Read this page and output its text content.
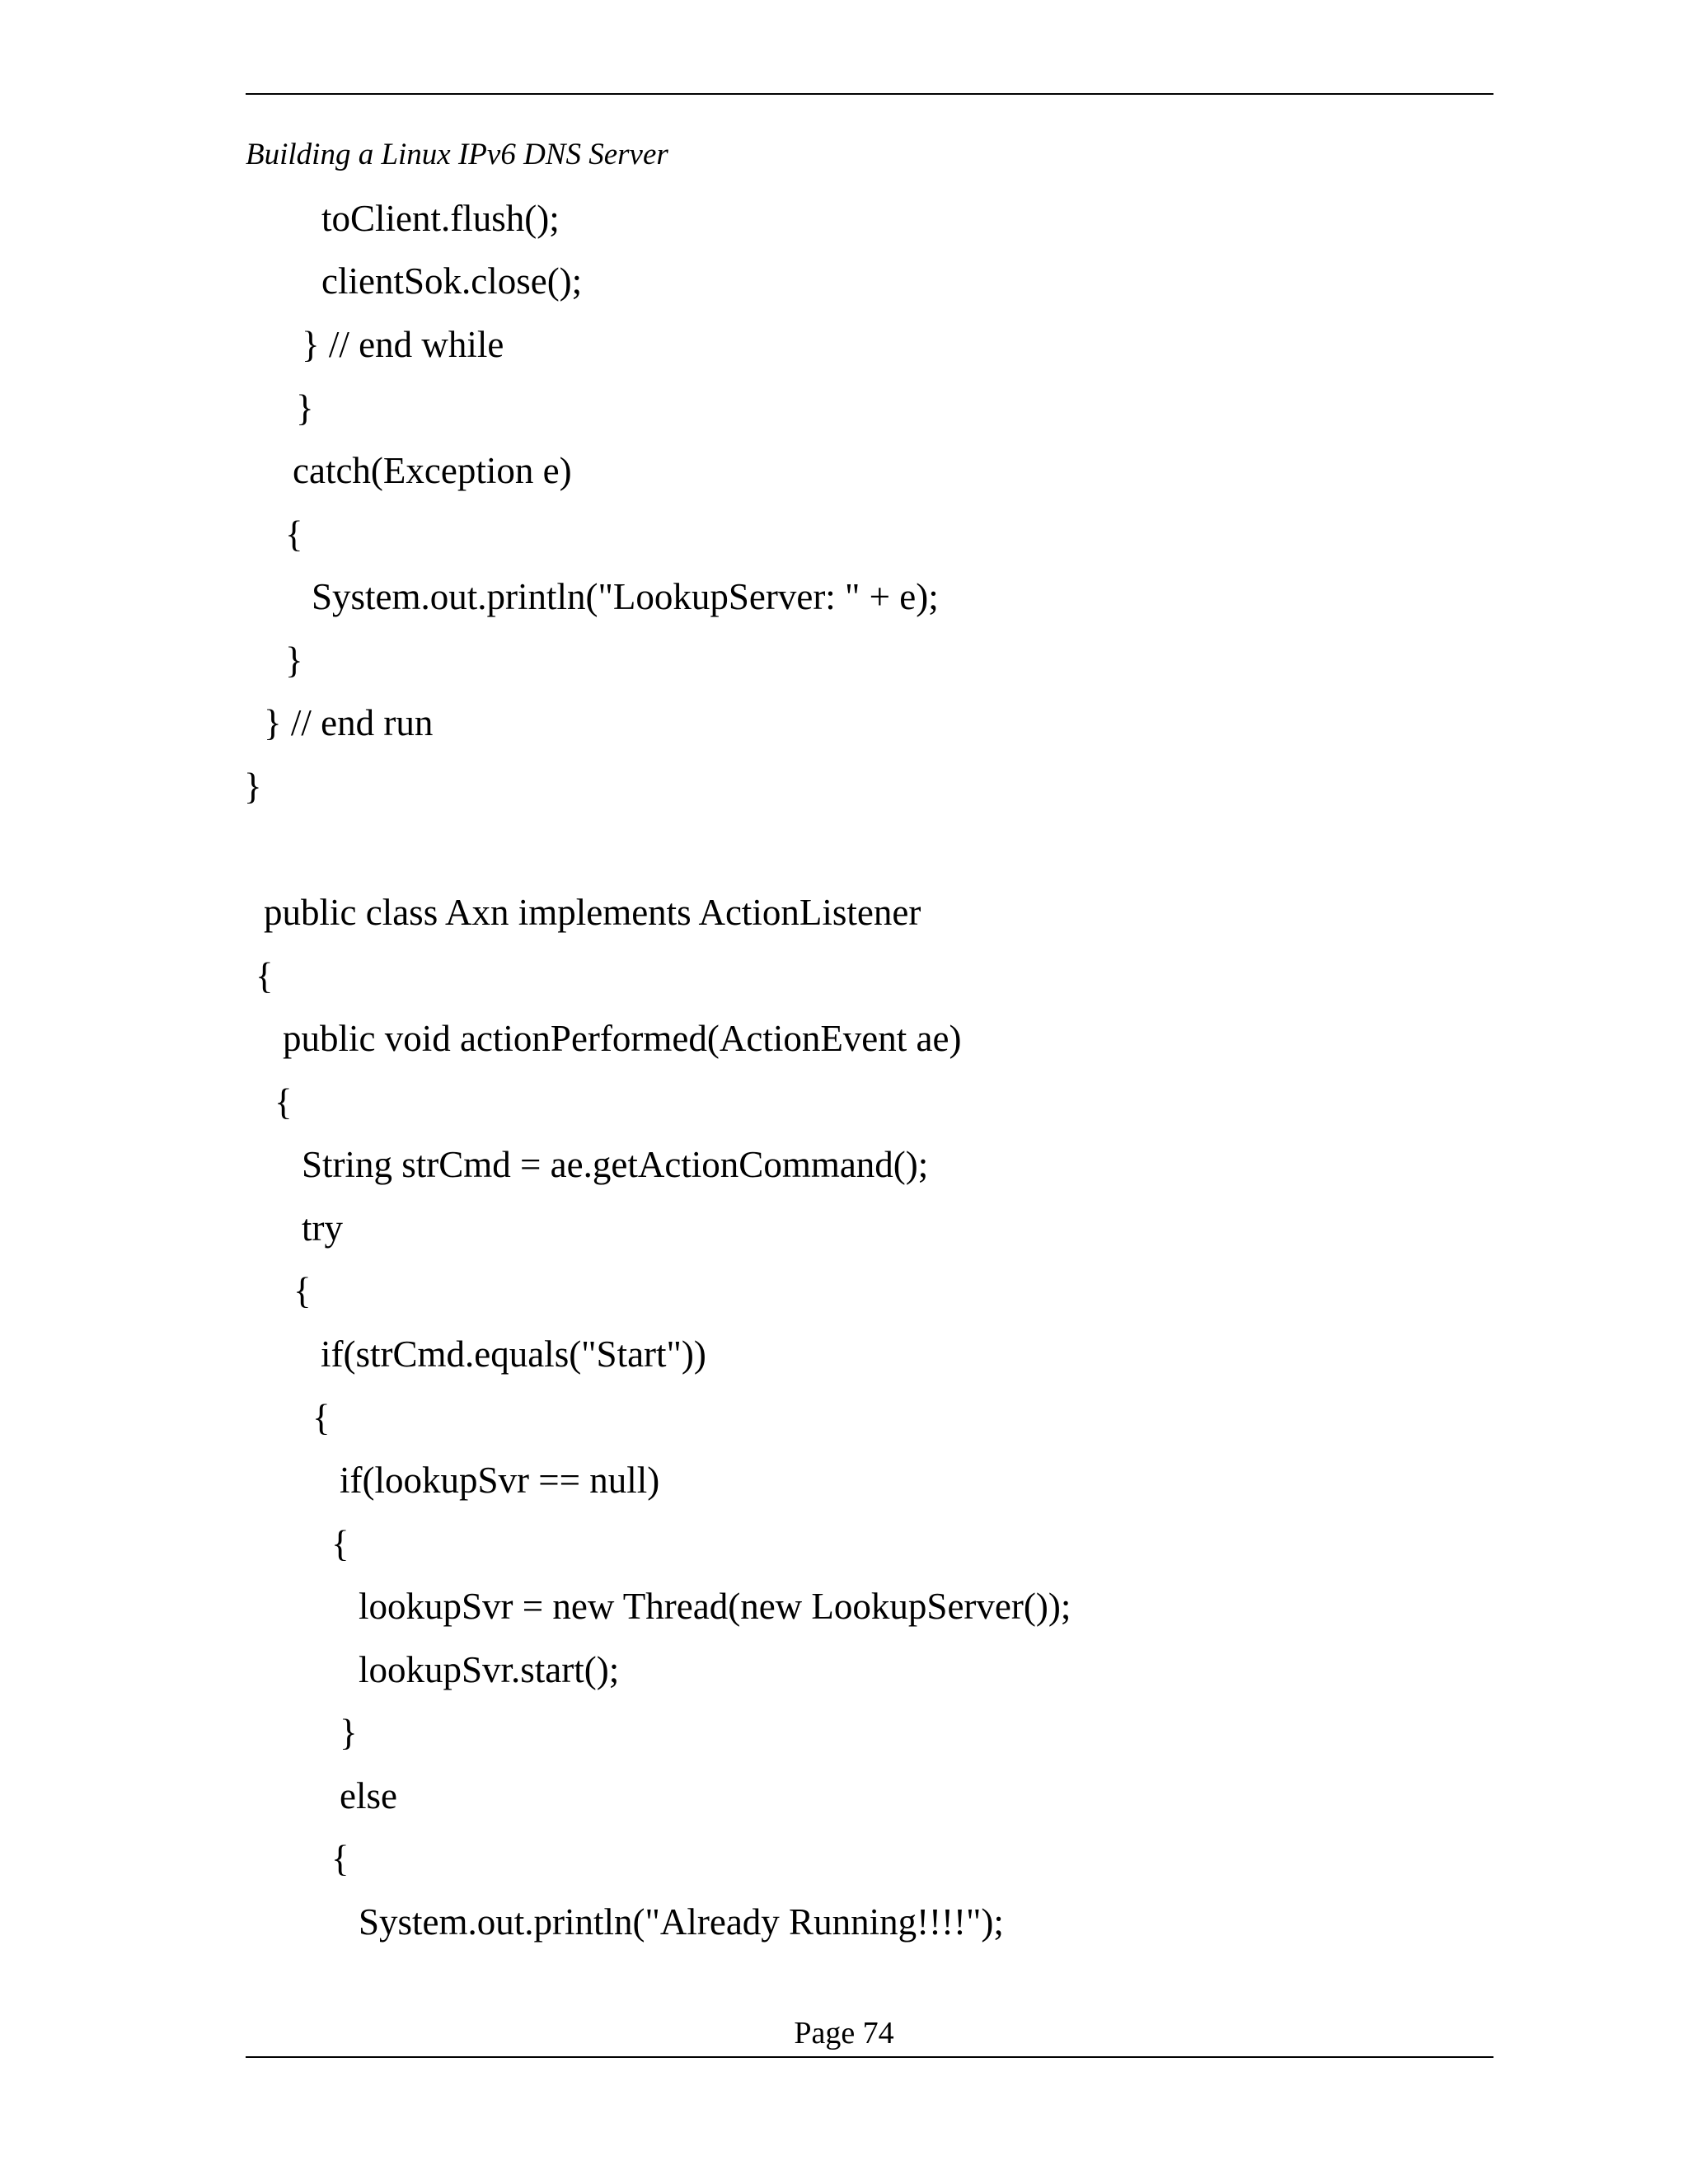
Building a Linux IPv6 DNS Server
toClient.flush();
clientSok.close();
} // end while
}
catch(Exception e)
{
System.out.println("LookupServer: " + e);
}
} // end run
}
public class Axn implements ActionListener
{
public void actionPerformed(ActionEvent ae)
{
String strCmd = ae.getActionCommand();
try
{
if(strCmd.equals("Start"))
{
if(lookupSvr == null)
{
lookupSvr = new Thread(new LookupServer());
lookupSvr.start();
}
else
{
System.out.println("Already Running!!!!");
Page 74
